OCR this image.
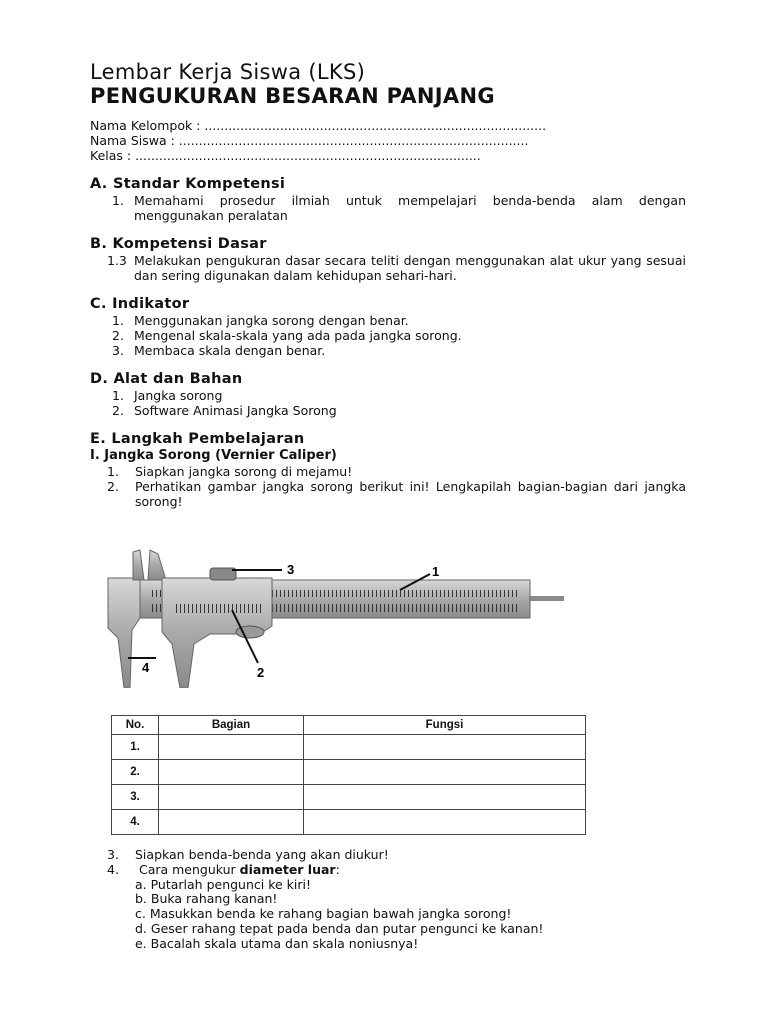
Lembar Kerja Siswa (LKS)
PENGUKURAN BESARAN PANJANG
Nama Kelompok : ......................................................................................
Nama Siswa : ........................................................................................
Kelas : .......................................................................................
A. Standar Kompetensi
1. Memahami prosedur ilmiah untuk mempelajari benda-benda alam dengan menggunakan peralatan
B. Kompetensi Dasar
1.3 Melakukan pengukuran dasar secara teliti dengan menggunakan alat ukur yang sesuai dan sering digunakan dalam kehidupan sehari-hari.
C. Indikator
1. Menggunakan jangka sorong dengan benar.
2. Mengenal skala-skala yang ada pada jangka sorong.
3. Membaca skala dengan benar.
D. Alat dan Bahan
1. Jangka sorong
2. Software Animasi Jangka Sorong
E. Langkah Pembelajaran
I. Jangka Sorong (Vernier Caliper)
1. Siapkan jangka sorong di mejamu!
2. Perhatikan gambar jangka sorong berikut ini! Lengkapilah bagian-bagian dari jangka sorong!
1
2
3
4
No.	Bagian	Fungsi
1.		
2.		
3.		
4.		
3. Siapkan benda-benda yang akan diukur!
4. Cara mengukur diameter luar:
a. Putarlah pengunci ke kiri!
b. Buka rahang kanan!
c. Masukkan benda ke rahang bagian bawah jangka sorong!
d. Geser rahang tepat pada benda dan putar pengunci ke kanan!
e. Bacalah skala utama dan skala noniusnya!
